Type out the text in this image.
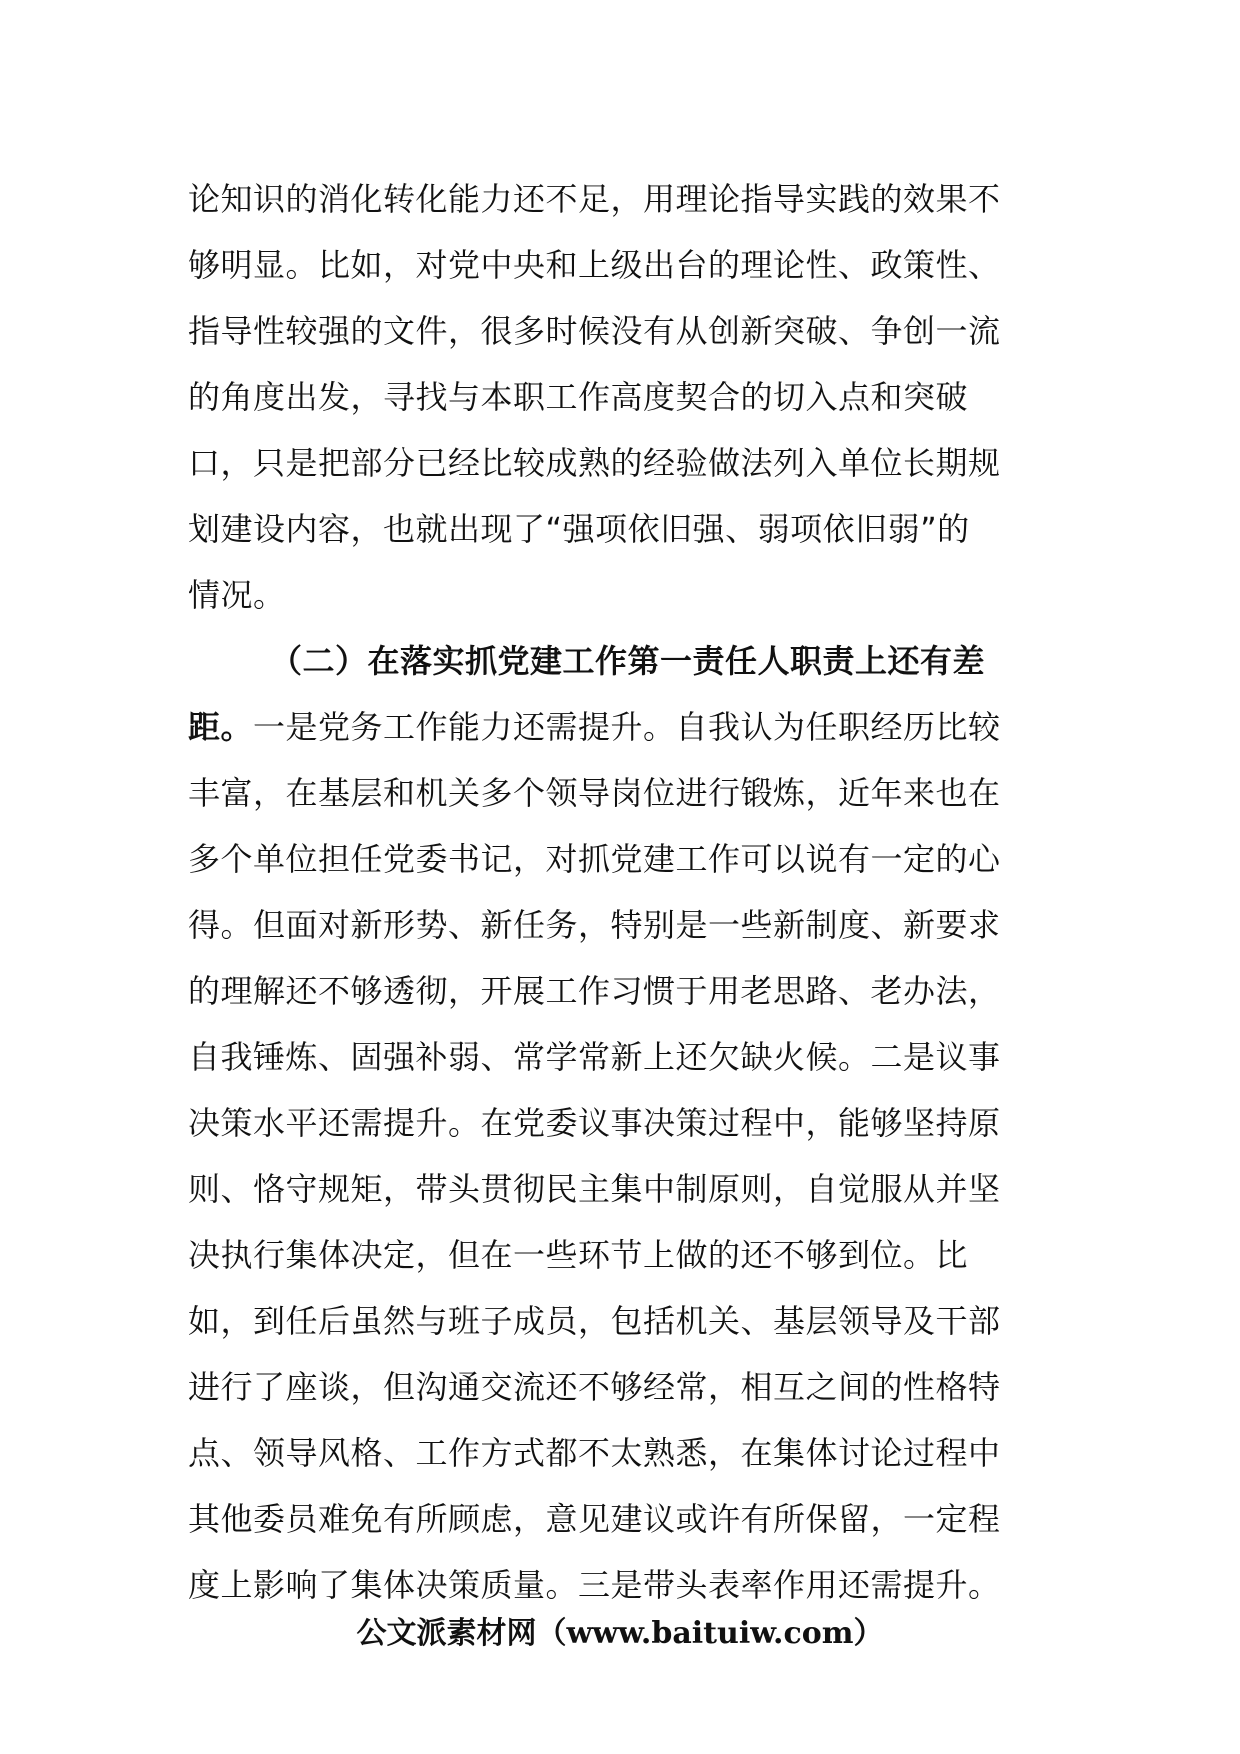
论知识的消化转化能力还不足，用理论指导实践的效果不
够明显。比如，对党中央和上级出台的理论性、政策性、
指导性较强的文件，很多时候没有从创新突破、争创一流
的角度出发，寻找与本职工作高度契合的切入点和突破
口，只是把部分已经比较成熟的经验做法列入单位长期规
划建设内容，也就出现了“强项依旧强、弱项依旧弱”的
情况。
（二）在落实抓党建工作第一责任人职责上还有差
距。一是党务工作能力还需提升。自我认为任职经历比较
丰富，在基层和机关多个领导岗位进行锻炼，近年来也在
多个单位担任党委书记，对抓党建工作可以说有一定的心
得。但面对新形势、新任务，特别是一些新制度、新要求
的理解还不够透彻，开展工作习惯于用老思路、老办法，
自我锤炼、固强补弱、常学常新上还欠缺火候。二是议事
决策水平还需提升。在党委议事决策过程中，能够坚持原
则、恪守规矩，带头贯彻民主集中制原则，自觉服从并坚
决执行集体决定，但在一些环节上做的还不够到位。比
如，到任后虽然与班子成员，包括机关、基层领导及干部
进行了座谈，但沟通交流还不够经常，相互之间的性格特
点、领导风格、工作方式都不太熟悉，在集体讨论过程中
其他委员难免有所顾虑，意见建议或许有所保留，一定程
度上影响了集体决策质量。三是带头表率作用还需提升。
公文派素材网（www.baituiw.com）
